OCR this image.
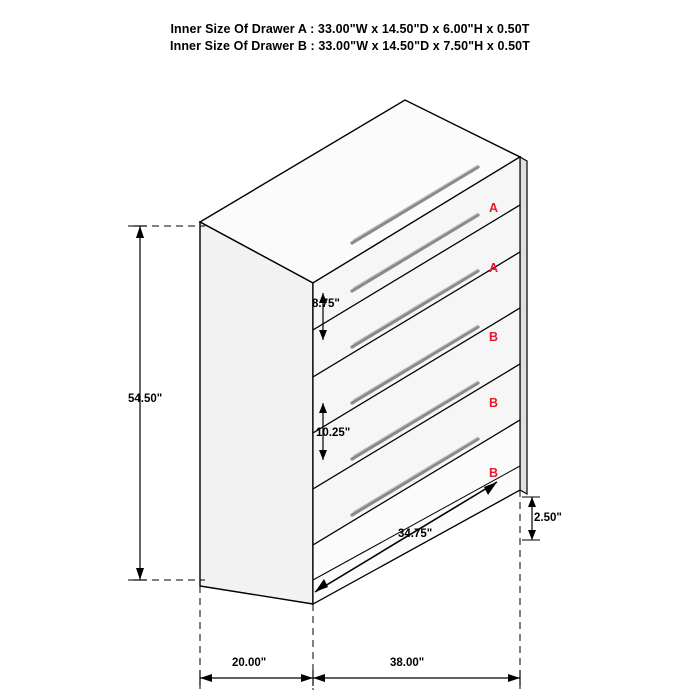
Inner Size Of Drawer A : 33.00"W x 14.50"D x 6.00"H x 0.50T
Inner Size Of Drawer B : 33.00"W x 14.50"D x 7.50"H x 0.50T
A
A
B
B
B
54.50"
8.75"
10.25"
2.50"
34.75"
20.00"	38.00"
